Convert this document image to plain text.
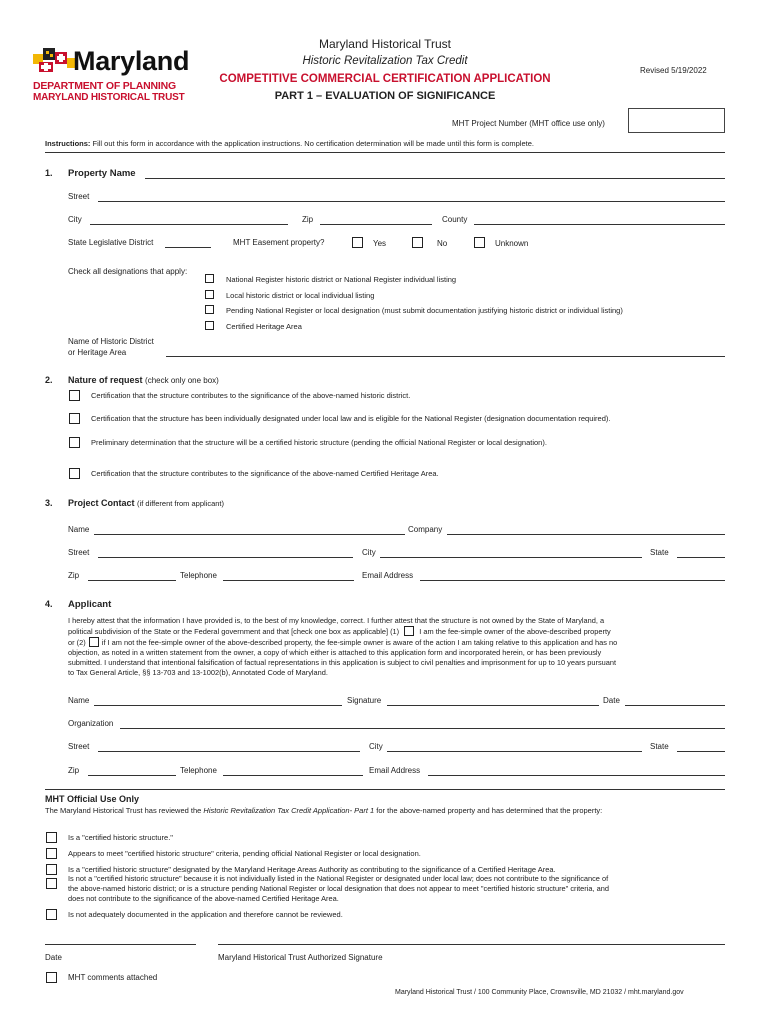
Maryland
DEPARTMENT OF PLANNING
MARYLAND HISTORICAL TRUST
Maryland Historical Trust
Historic Revitalization Tax Credit
COMPETITIVE COMMERCIAL CERTIFICATION APPLICATION
PART 1 – EVALUATION OF SIGNIFICANCE
Revised 5/19/2022
MHT Project Number (MHT office use only)
Instructions: Fill out this form in accordance with the application instructions. No certification determination will be made until this form is complete.
1. Property Name
Street
City	Zip	County
State Legislative District	MHT Easement property?	Yes	No	Unknown
Check all designations that apply:
National Register historic district or National Register individual listing
Local historic district or local individual listing
Pending National Register or local designation (must submit documentation justifying historic district or individual listing)
Certified Heritage Area
Name of Historic District
or Heritage Area
2. Nature of request (check only one box)
Certification that the structure contributes to the significance of the above-named historic district.
Certification that the structure has been individually designated under local law and is eligible for the National Register (designation documentation required).
Preliminary determination that the structure will be a certified historic structure (pending the official National Register or local designation).
Certification that the structure contributes to the significance of the above-named Certified Heritage Area.
3. Project Contact (if different from applicant)
Name	Company
Street	City	State
Zip	Telephone	Email Address
4. Applicant
I hereby attest that the information I have provided is, to the best of my knowledge, correct. I further attest that the structure is not owned by the State of Maryland, a
political subdivision of the State or the Federal government and that [check one box as applicable] (1)	I am the fee-simple owner of the above-described property
or (2) if I am not the fee-simple owner of the above-described property, the fee-simple owner is aware of the action I am taking relative to this application and has no
objection, as noted in a written statement from the owner, a copy of which either is attached to this application form and incorporated herein, or has been previously
submitted. I understand that intentional falsification of factual representations in this application is subject to civil penalties and imprisonment for up to 10 years pursuant
to Tax General Article, §§ 13-703 and 13-1002(b), Annotated Code of Maryland.
Name	Signature	Date
Organization
Street	City	State
Zip	Telephone	Email Address
MHT Official Use Only
The Maryland Historical Trust has reviewed the Historic Revitalization Tax Credit Application- Part 1 for the above-named property and has determined that the property:
Is a "certified historic structure."
Appears to meet "certified historic structure" criteria, pending official National Register or local designation.
Is a "certified historic structure" designated by the Maryland Heritage Areas Authority as contributing to the significance of a Certified Heritage Area.
Is not a "certified historic structure" because it is not individually listed in the National Register or designated under local law; does not contribute to the significance of
the above-named historic district; or is a structure pending National Register or local designation that does not appear to meet "certified historic structure" criteria, and
does not contribute to the significance of the above-named Certified Heritage Area.
Is not adequately documented in the application and therefore cannot be reviewed.
Date	Maryland Historical Trust Authorized Signature
MHT comments attached
Maryland Historical Trust / 100 Community Place, Crownsville, MD 21032 / mht.maryland.gov
